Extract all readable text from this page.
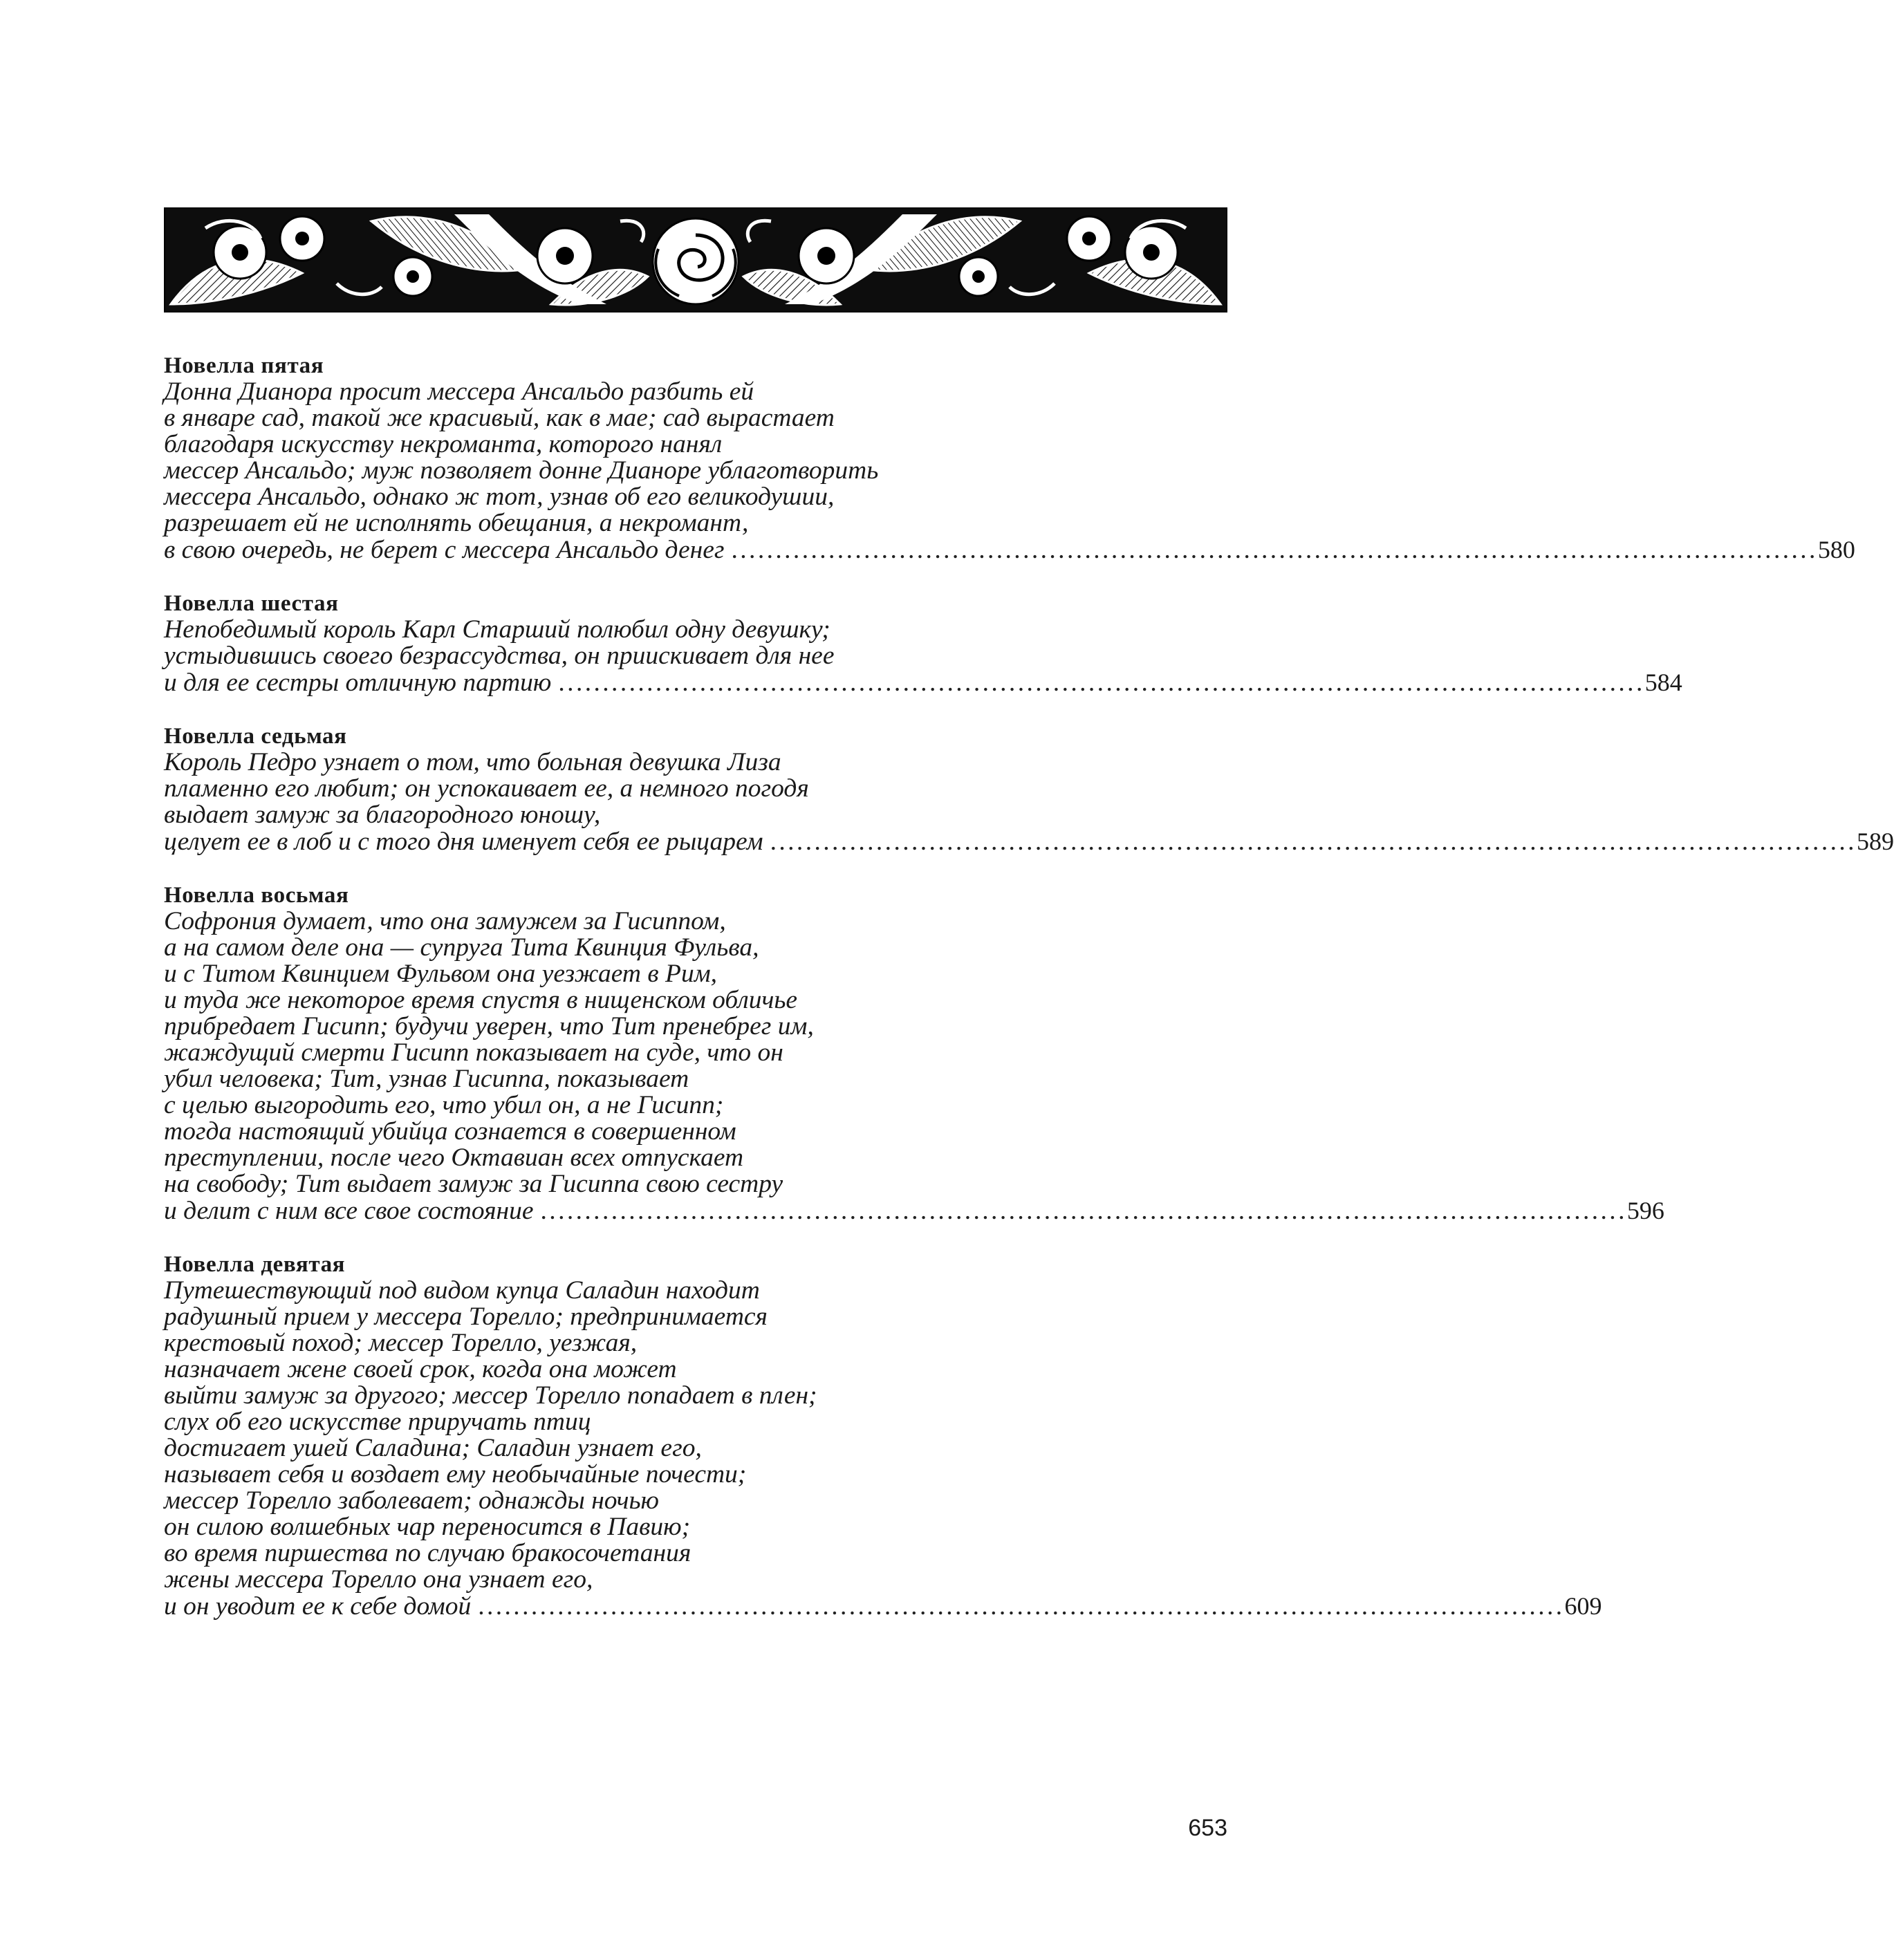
Новелла пятая
Донна Дианора просит мессера Ансальдо разбить ей
в январе сад, такой же красивый, как в мае; сад вырастает
благодаря искусству некроманта, которого нанял
мессер Ансальдо; муж позволяет донне Дианоре ублаготворить
мессера Ансальдо, однако ж тот, узнав об его великодушии,
разрешает ей не исполнять обещания, а некромант,
в свою очередь, не берет с мессера Ансальдо денег ........................................................................................................................... 580
Новелла шестая
Непобедимый король Карл Старший полюбил одну девушку;
устыдившись своего безрассудства, он приискивает для нее
и для ее сестры отличную партию ........................................................................................................................... 584
Новелла седьмая
Король Педро узнает о том, что больная девушка Лиза
пламенно его любит; он успокаивает ее, а немного погодя
выдает замуж за благородного юношу,
целует ее в лоб и с того дня именует себя ее рыцарем ........................................................................................................................... 589
Новелла восьмая
Софрония думает, что она замужем за Гисиппом,
а на самом деле она — супруга Тита Квинция Фульва,
и с Титом Квинцием Фульвом она уезжает в Рим,
и туда же некоторое время спустя в нищенском обличье
прибредает Гисипп; будучи уверен, что Тит пренебрег им,
жаждущий смерти Гисипп показывает на суде, что он
убил человека; Тит, узнав Гисиппа, показывает
с целью выгородить его, что убил он, а не Гисипп;
тогда настоящий убийца сознается в совершенном
преступлении, после чего Октавиан всех отпускает
на свободу; Тит выдает замуж за Гисиппа свою сестру
и делит с ним все свое состояние ........................................................................................................................... 596
Новелла девятая
Путешествующий под видом купца Саладин находит
радушный прием у мессера Торелло; предпринимается
крестовый поход; мессер Торелло, уезжая,
назначает жене своей срок, когда она может
выйти замуж за другого; мессер Торелло попадает в плен;
слух об его искусстве приручать птиц
достигает ушей Саладина; Саладин узнает его,
называет себя и воздает ему необычайные почести;
мессер Торелло заболевает; однажды ночью
он силою волшебных чар переносится в Павию;
во время пиршества по случаю бракосочетания
жены мессера Торелло она узнает его,
и он уводит ее к себе домой ........................................................................................................................... 609
653
